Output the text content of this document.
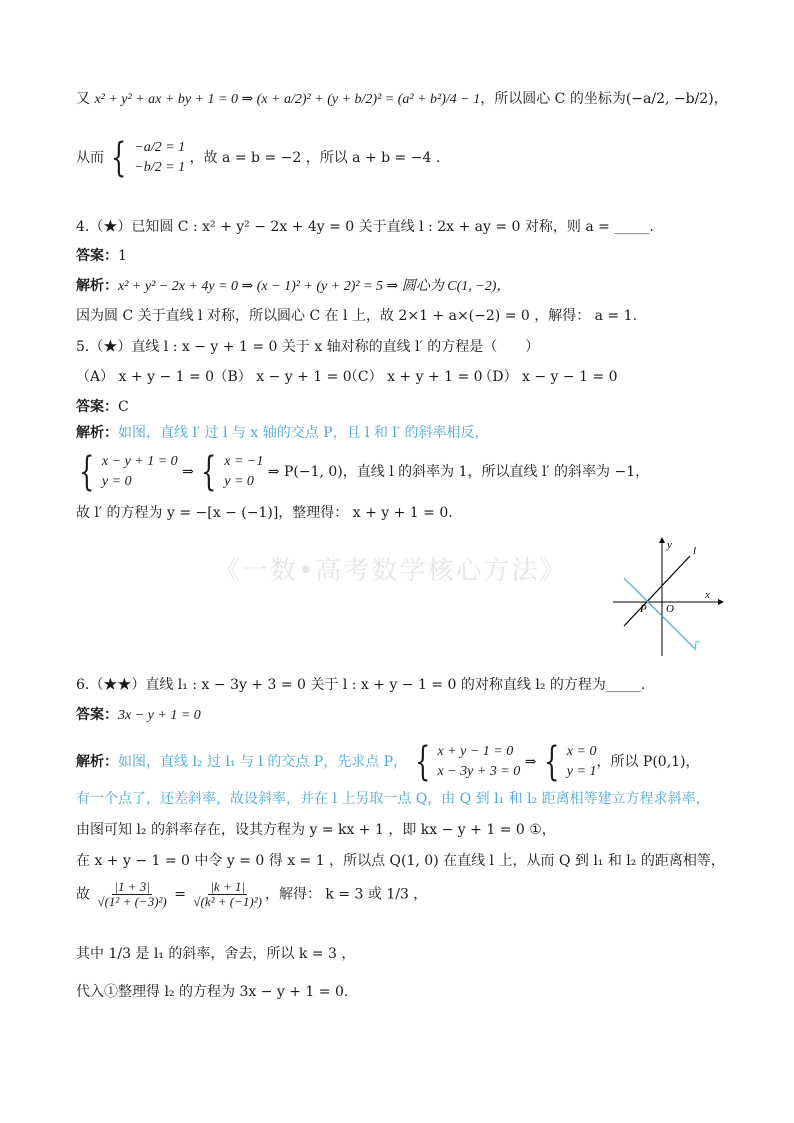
《一数•高考数学核心方法》
又 x² + y² + ax + by + 1 = 0 ⇒ (x + a/2)² + (y + b/2)² = (a² + b²)/4 − 1，所以圆心 C 的坐标为(−a/2, −b/2)，
从而 { −a/2 = 1
−b/2 = 1
，故 a = b = −2 ，所以 a + b = −4 .
4.（★）已知圆 C : x² + y² − 2x + 4y = 0 关于直线 l : 2x + ay = 0 对称，则 a = _____.
答案：1
解析：x² + y² − 2x + 4y = 0 ⇒ (x − 1)² + (y + 2)² = 5 ⇒ 圆心为 C(1, −2)，
因为圆 C 关于直线 l 对称，所以圆心 C 在 l 上，故 2×1 + a×(−2) = 0 ，解得： a = 1.
5.（★）直线 l : x − y + 1 = 0 关于 x 轴对称的直线 l′ 的方程是（　　）
（A） x + y − 1 = 0 （B） x − y + 1 = 0 （C） x + y + 1 = 0 （D） x − y − 1 = 0
答案：C
解析：如图，直线 l′ 过 l 与 x 轴的交点 P，且 l 和 l′ 的斜率相反，
{ x − y + 1 = 0
y = 0
⇒ { x = −1
y = 0
⇒ P(−1, 0)，直线 l 的斜率为 1，所以直线 l′ 的斜率为 −1，
故 l′ 的方程为 y = −[x − (−1)]，整理得： x + y + 1 = 0.
x
y
O
P
l
l′
6.（★★）直线 l₁ : x − 3y + 3 = 0 关于 l : x + y − 1 = 0 的对称直线 l₂ 的方程为_____.
答案：3x − y + 1 = 0
解析：如图，直线 l₂ 过 l₁ 与 l 的交点 P，先求点 P， { x + y − 1 = 0
x − 3y + 3 = 0
⇒ { x = 0
y = 1
，所以 P(0,1)，
有一个点了，还差斜率，故设斜率，并在 l 上另取一点 Q，由 Q 到 l₁ 和 l₂ 距离相等建立方程求斜率，
由图可知 l₂ 的斜率存在，设其方程为 y = kx + 1 ，即 kx − y + 1 = 0 ①，
在 x + y − 1 = 0 中令 y = 0 得 x = 1 ，所以点 Q(1, 0) 在直线 l 上，从而 Q 到 l₁ 和 l₂ 的距离相等，
故 $\frac{|1 + 3|}{\text{√(1² + (−3)²)}} = \frac{|k + 1|}{\text{√(k² + (−1)²)}}$ ，解得： k = 3 或 1/3 ，
其中 1/3 是 l₁ 的斜率，舍去，所以 k = 3 ，
代入①整理得 l₂ 的方程为 3x − y + 1 = 0.
